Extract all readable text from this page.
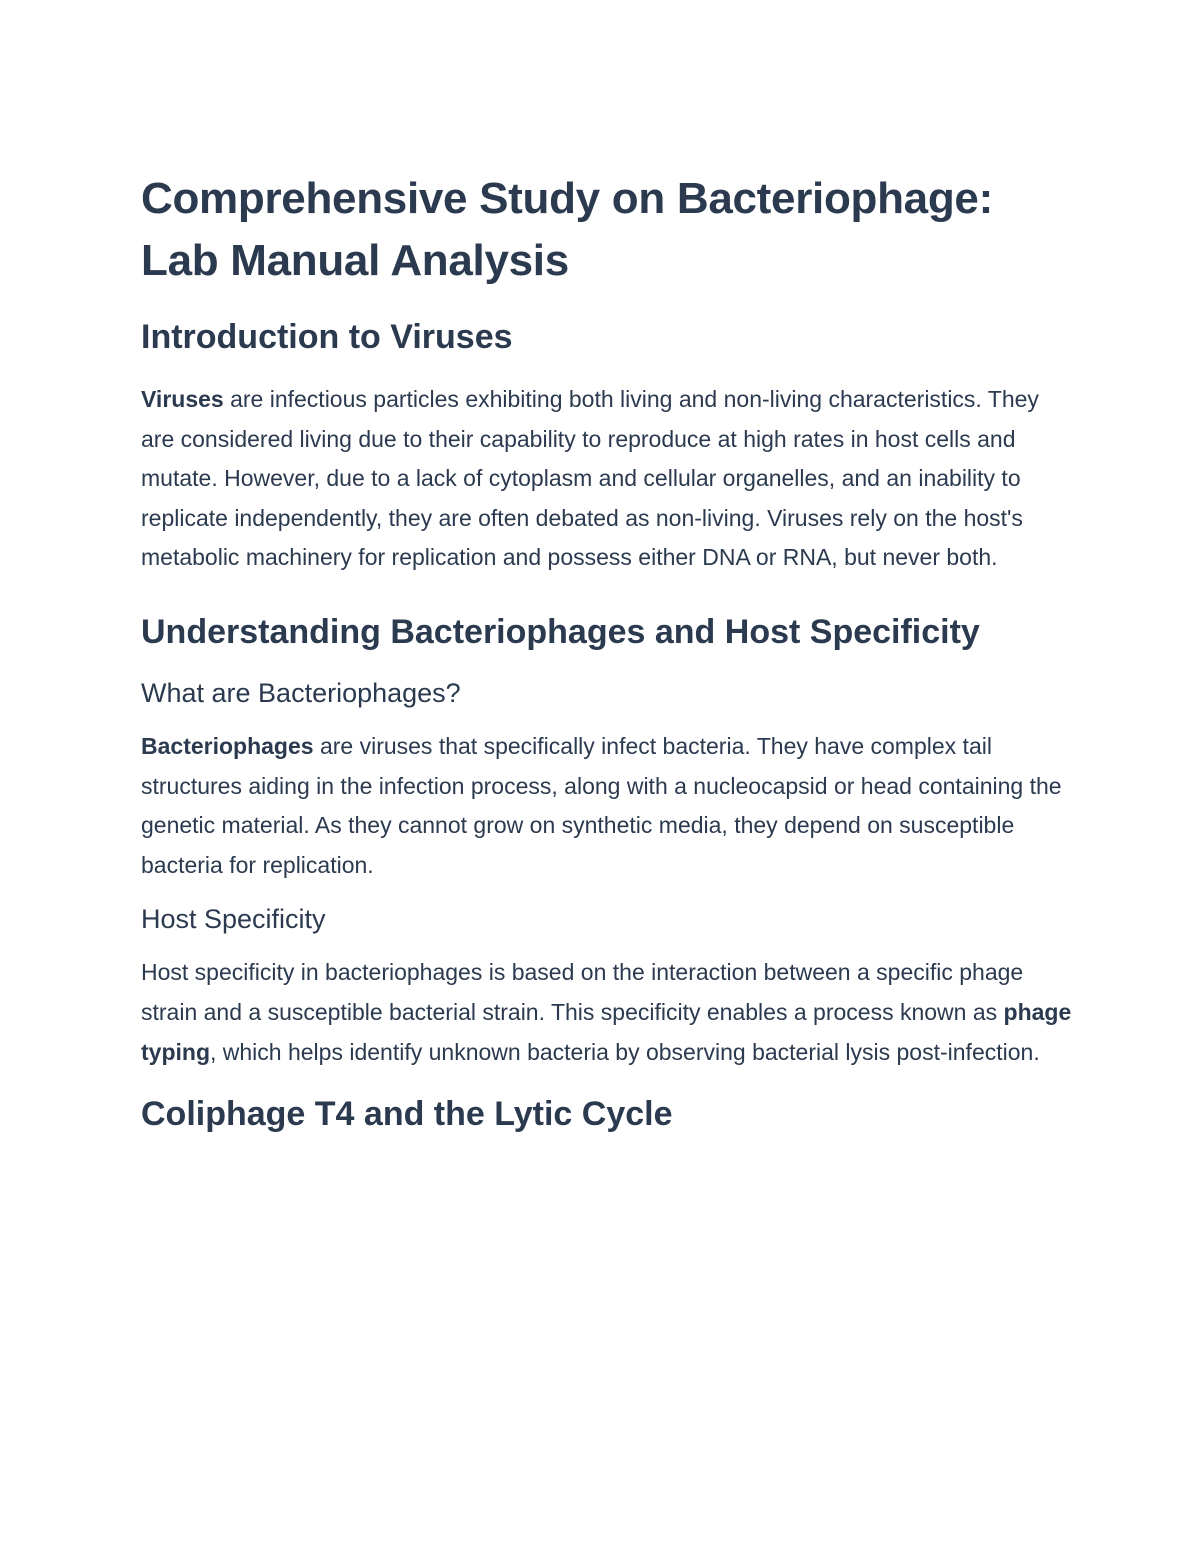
Comprehensive Study on Bacteriophage: Lab Manual Analysis
Introduction to Viruses

Viruses are infectious particles exhibiting both living and non-living characteristics. They are considered living due to their capability to reproduce at high rates in host cells and mutate. However, due to a lack of cytoplasm and cellular organelles, and an inability to replicate independently, they are often debated as non-living. Viruses rely on the host's metabolic machinery for replication and possess either DNA or RNA, but never both.

Understanding Bacteriophages and Host Specificity
What are Bacteriophages?

Bacteriophages are viruses that specifically infect bacteria. They have complex tail structures aiding in the infection process, along with a nucleocapsid or head containing the genetic material. As they cannot grow on synthetic media, they depend on susceptible bacteria for replication.

Host Specificity

Host specificity in bacteriophages is based on the interaction between a specific phage strain and a susceptible bacterial strain. This specificity enables a process known as phage typing, which helps identify unknown bacteria by observing bacterial lysis post-infection.

Coliphage T4 and the Lytic Cycle
